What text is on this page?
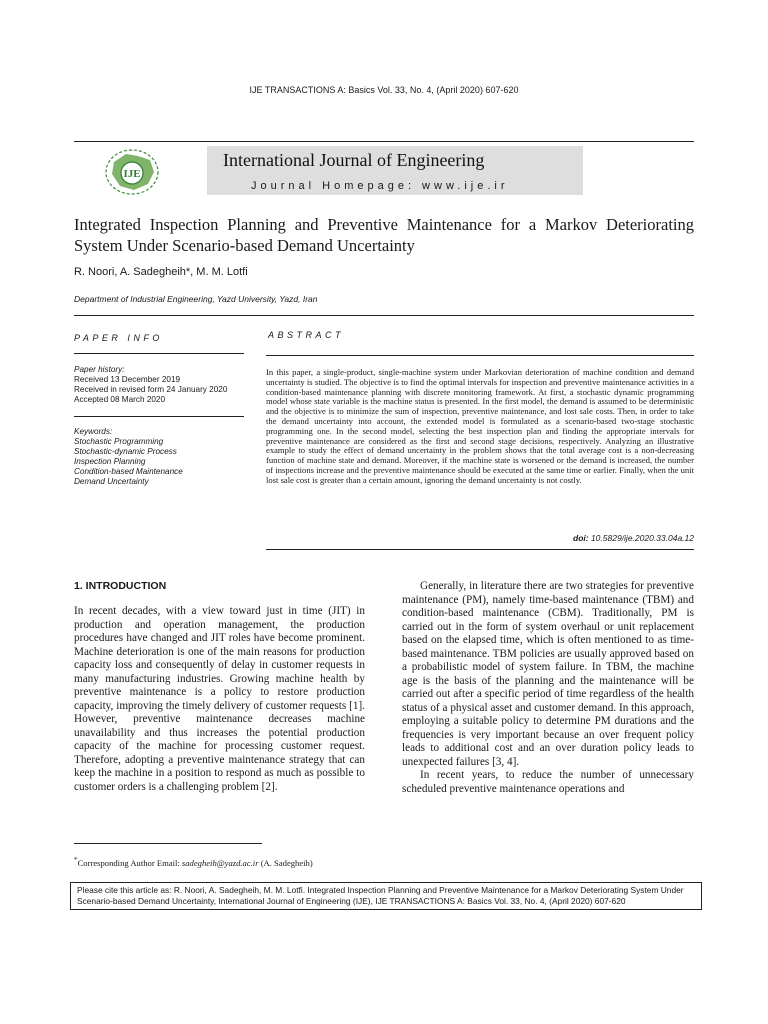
IJE TRANSACTIONS A: Basics Vol. 33, No. 4, (April 2020) 607-620
IJE
International Journal of Engineering
Journal Homepage: www.ije.ir
Integrated Inspection Planning and Preventive Maintenance for a Markov Deteriorating System Under Scenario-based Demand Uncertainty
R. Noori, A. Sadegheih*, M. M. Lotfi
Department of Industrial Engineering, Yazd University, Yazd, Iran
PAPER INFO
Paper history:
Received 13 December 2019
Received in revised form 24 January 2020
Accepted 08 March 2020
Keywords:
Stochastic Programming
Stochastic-dynamic Process
Inspection Planning
Condition-based Maintenance
Demand Uncertainty
ABSTRACT
In this paper, a single-product, single-machine system under Markovian deterioration of machine condition and demand uncertainty is studied. The objective is to find the optimal intervals for inspection and preventive maintenance activities in a condition-based maintenance planning with discrete monitoring framework. At first, a stochastic dynamic programming model whose state variable is the machine status is presented. In the first model, the demand is assumed to be deterministic and the objective is to minimize the sum of inspection, preventive maintenance, and lost sale costs. Then, in order to take the demand uncertainty into account, the extended model is formulated as a scenario-based two-stage stochastic programming one. In the second model, selecting the best inspection plan and finding the appropriate intervals for preventive maintenance are considered as the first and second stage decisions, respectively. Analyzing an illustrative example to study the effect of demand uncertainty in the problem shows that the total average cost is a non-decreasing function of machine state and demand. Moreover, if the machine state is worsened or the demand is increased, the number of inspections increase and the preventive maintenance should be executed at the same time or earlier. Finally, when the unit lost sale cost is greater than a certain amount, ignoring the demand uncertainty is not costly.
doi: 10.5829/ije.2020.33.04a.12
1. INTRODUCTION

In recent decades, with a view toward just in time (JIT) in production and operation management, the production procedures have changed and JIT roles have become prominent. Machine deterioration is one of the main reasons for production capacity loss and consequently of delay in customer requests in many manufacturing industries. Growing machine health by preventive maintenance is a policy to restore production capacity, improving the timely delivery of customer requests [1]. However, preventive maintenance decreases machine unavailability and thus increases the potential production capacity of the machine for processing customer request. Therefore, adopting a preventive maintenance strategy that can keep the machine in a position to respond as much as possible to customer orders is a challenging problem [2].

Generally, in literature there are two strategies for preventive maintenance (PM), namely time-based maintenance (TBM) and condition-based maintenance (CBM). Traditionally, PM is carried out in the form of system overhaul or unit replacement based on the elapsed time, which is often mentioned to as time-based maintenance. TBM policies are usually approved based on a probabilistic model of system failure. In TBM, the machine age is the basis of the planning and the maintenance will be carried out after a specific period of time regardless of the health status of a physical asset and customer demand. In this approach, employing a suitable policy to determine PM durations and the frequencies is very important because an over frequent policy leads to additional cost and an over duration policy leads to unexpected failures [3, 4].

In recent years, to reduce the number of unnecessary scheduled preventive maintenance operations and

*Corresponding Author Email: sadegheih@yazd.ac.ir (A. Sadegheih)
Please cite this article as: R. Noori, A. Sadegheih, M. M. Lotfi. Integrated Inspection Planning and Preventive Maintenance for a Markov Deteriorating System Under Scenario-based Demand Uncertainty, International Journal of Engineering (IJE), IJE TRANSACTIONS A: Basics Vol. 33, No. 4, (April 2020) 607-620
